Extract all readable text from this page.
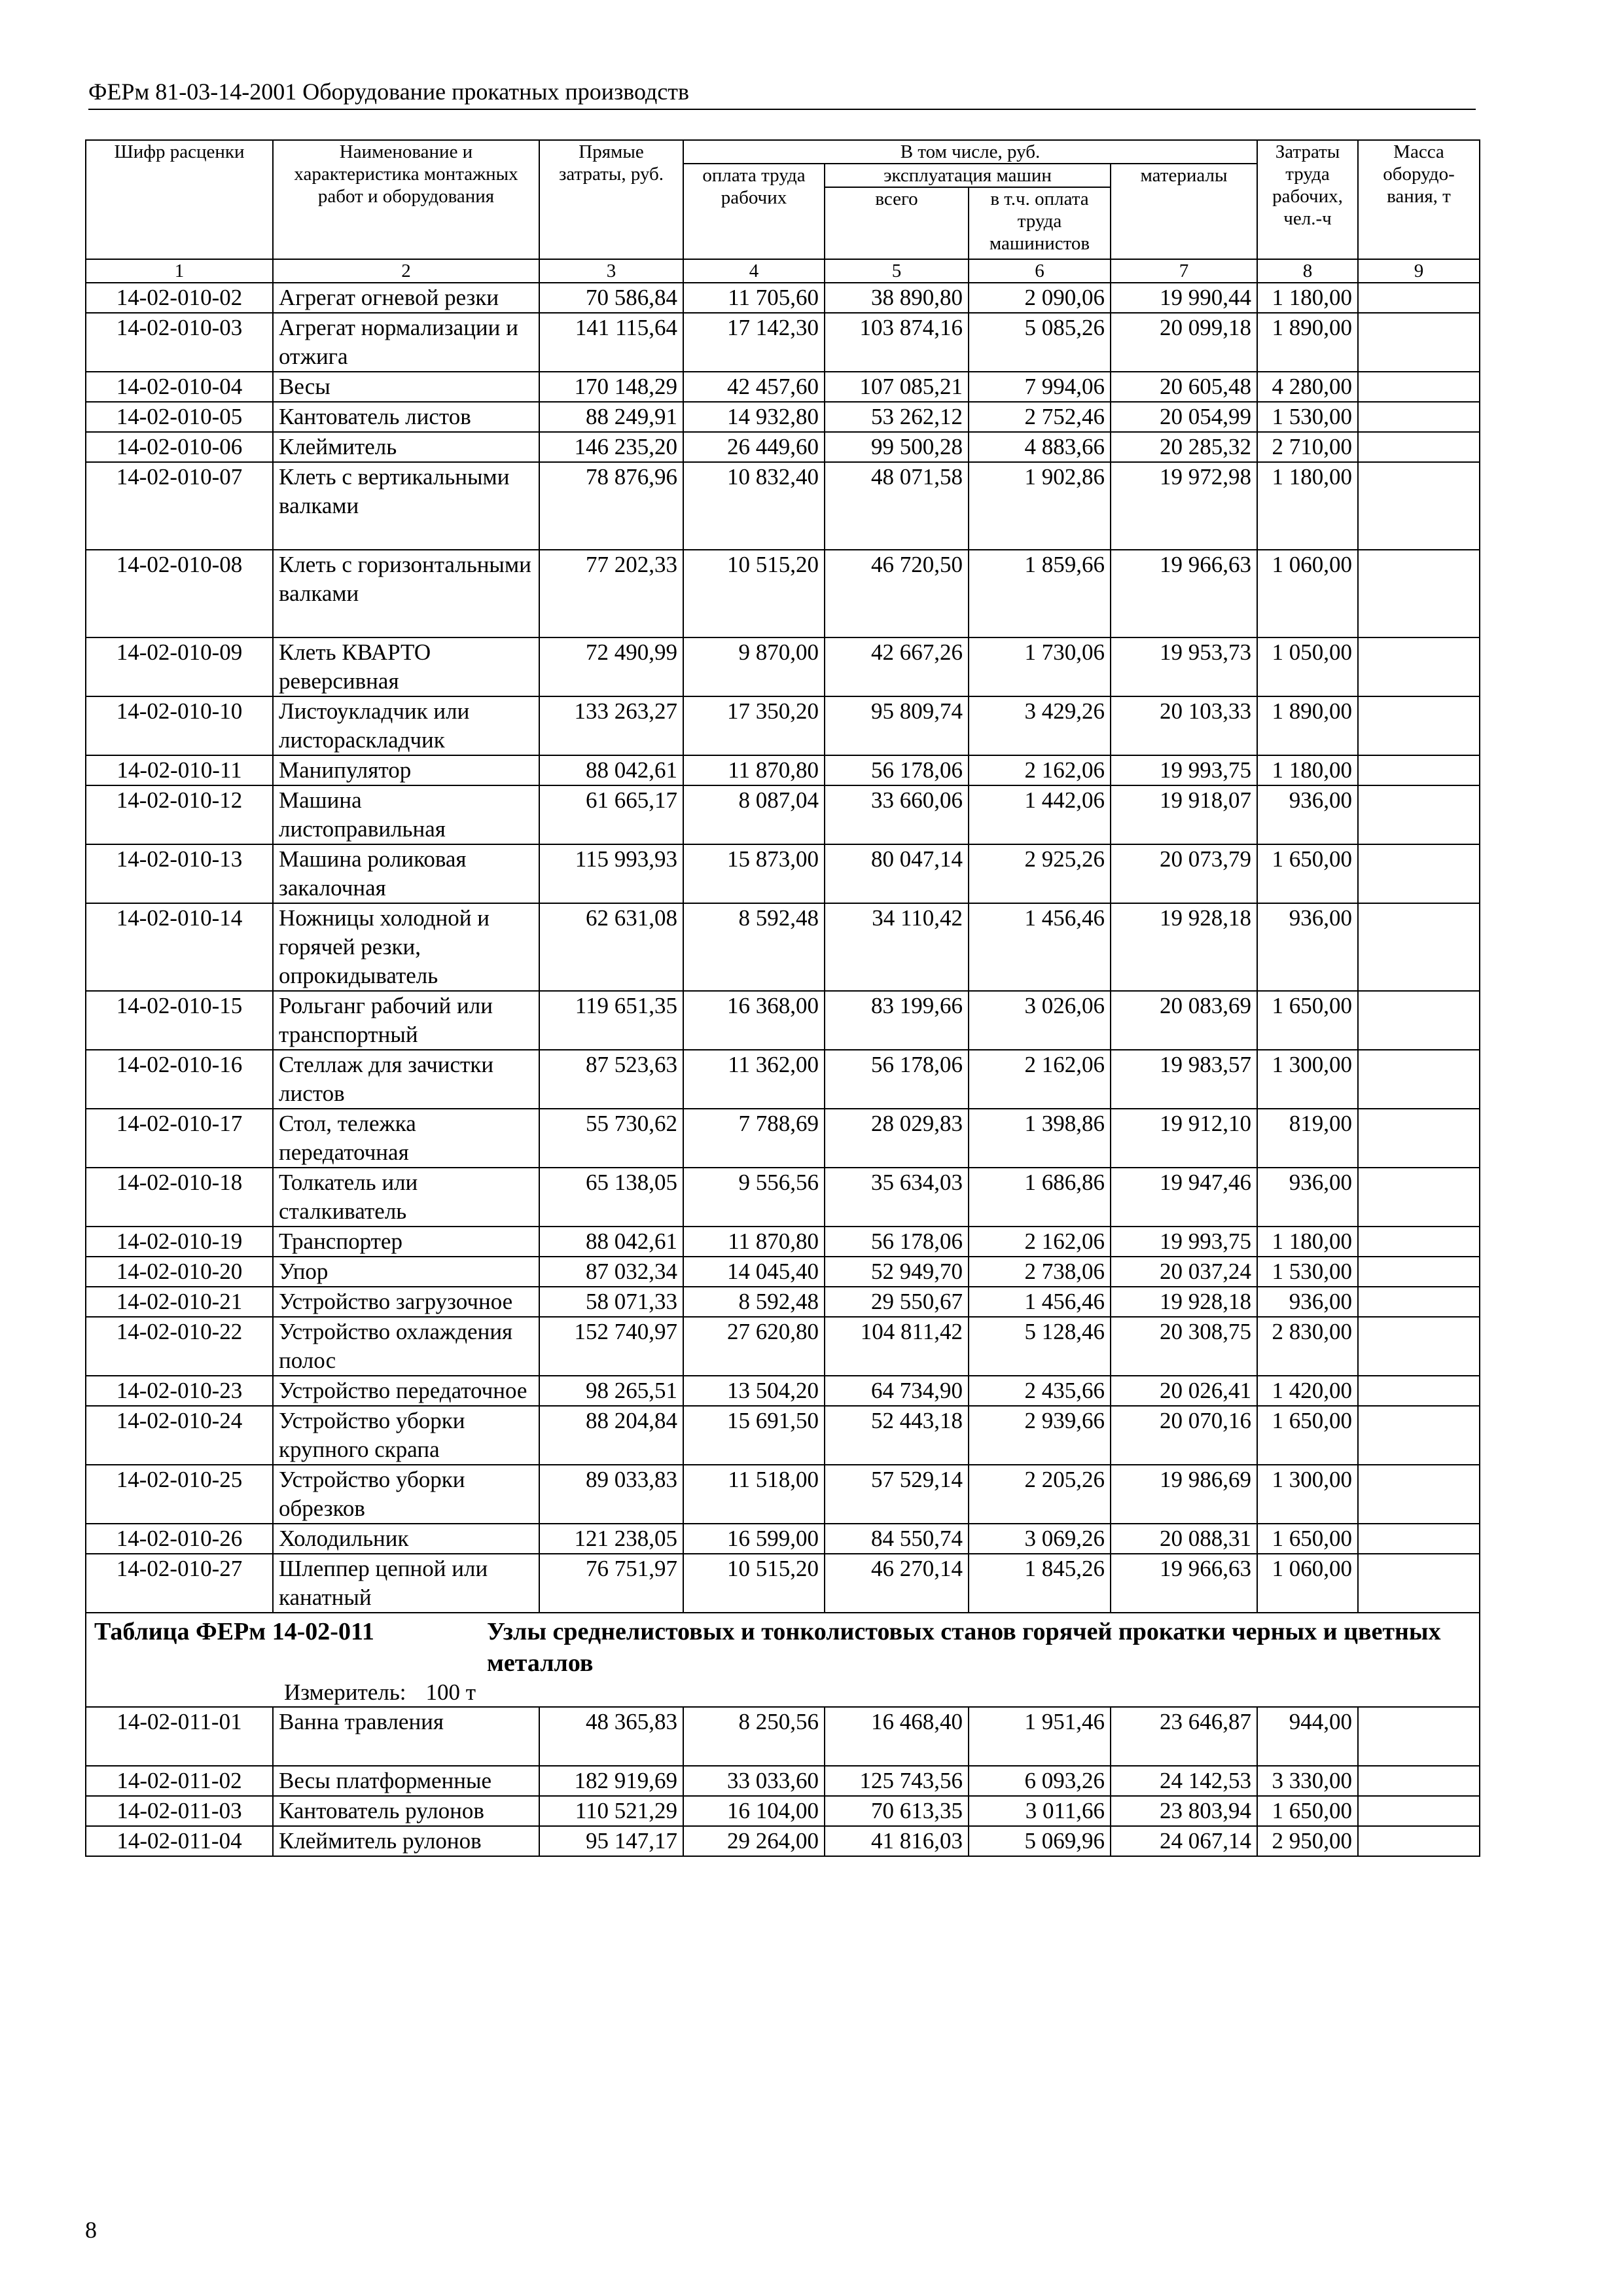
ФЕРм 81-03-14-2001 Оборудование прокатных производств
Шифр расценки	Наименование и характеристика монтажных работ и оборудования	Прямые затраты, руб.	В том числе, руб.				Затраты труда рабочих, чел.-ч	Масса оборудо-вания, т
			оплата труда рабочих	эксплуатация машин		материалы		
				всего	в т.ч. оплата труда машинистов			
1	2	3	4	5	6	7	8	9
14-02-010-02	Агрегат огневой резки	70 586,84	11 705,60	38 890,80	2 090,06	19 990,44	1 180,00	
14-02-010-03	Агрегат нормализации и отжига	141 115,64	17 142,30	103 874,16	5 085,26	20 099,18	1 890,00	
14-02-010-04	Весы	170 148,29	42 457,60	107 085,21	7 994,06	20 605,48	4 280,00	
14-02-010-05	Кантователь листов	88 249,91	14 932,80	53 262,12	2 752,46	20 054,99	1 530,00	
14-02-010-06	Клеймитель	146 235,20	26 449,60	99 500,28	4 883,66	20 285,32	2 710,00	
14-02-010-07	Клеть с вертикальными валками	78 876,96	10 832,40	48 071,58	1 902,86	19 972,98	1 180,00	
14-02-010-08	Клеть с горизонтальными валками	77 202,33	10 515,20	46 720,50	1 859,66	19 966,63	1 060,00	
14-02-010-09	Клеть КВАРТО реверсивная	72 490,99	9 870,00	42 667,26	1 730,06	19 953,73	1 050,00	
14-02-010-10	Листоукладчик или листораскладчик	133 263,27	17 350,20	95 809,74	3 429,26	20 103,33	1 890,00	
14-02-010-11	Манипулятор	88 042,61	11 870,80	56 178,06	2 162,06	19 993,75	1 180,00	
14-02-010-12	Машина листоправильная	61 665,17	8 087,04	33 660,06	1 442,06	19 918,07	936,00	
14-02-010-13	Машина роликовая закалочная	115 993,93	15 873,00	80 047,14	2 925,26	20 073,79	1 650,00	
14-02-010-14	Ножницы холодной и горячей резки, опрокидыватель	62 631,08	8 592,48	34 110,42	1 456,46	19 928,18	936,00	
14-02-010-15	Рольганг рабочий или транспортный	119 651,35	16 368,00	83 199,66	3 026,06	20 083,69	1 650,00	
14-02-010-16	Стеллаж для зачистки листов	87 523,63	11 362,00	56 178,06	2 162,06	19 983,57	1 300,00	
14-02-010-17	Стол, тележка передаточная	55 730,62	7 788,69	28 029,83	1 398,86	19 912,10	819,00	
14-02-010-18	Толкатель или сталкиватель	65 138,05	9 556,56	35 634,03	1 686,86	19 947,46	936,00	
14-02-010-19	Транспортер	88 042,61	11 870,80	56 178,06	2 162,06	19 993,75	1 180,00	
14-02-010-20	Упор	87 032,34	14 045,40	52 949,70	2 738,06	20 037,24	1 530,00	
14-02-010-21	Устройство загрузочное	58 071,33	8 592,48	29 550,67	1 456,46	19 928,18	936,00	
14-02-010-22	Устройство охлаждения полос	152 740,97	27 620,80	104 811,42	5 128,46	20 308,75	2 830,00	
14-02-010-23	Устройство передаточное	98 265,51	13 504,20	64 734,90	2 435,66	20 026,41	1 420,00	
14-02-010-24	Устройство уборки крупного скрапа	88 204,84	15 691,50	52 443,18	2 939,66	20 070,16	1 650,00	
14-02-010-25	Устройство уборки обрезков	89 033,83	11 518,00	57 529,14	2 205,26	19 986,69	1 300,00	
14-02-010-26	Холодильник	121 238,05	16 599,00	84 550,74	3 069,26	20 088,31	1 650,00	
14-02-010-27	Шлеппер цепной или канатный	76 751,97	10 515,20	46 270,14	1 845,26	19 966,63	1 060,00	

Таблица ФЕРм 14-02-011 Узлы среднелистовых и тонколистовых станов горячей прокатки черных и цветных металлов
Измеритель: 100 т								

14-02-011-01	Ванна травления	48 365,83	8 250,56	16 468,40	1 951,46	23 646,87	944,00	
14-02-011-02	Весы платформенные	182 919,69	33 033,60	125 743,56	6 093,26	24 142,53	3 330,00	
14-02-011-03	Кантователь рулонов	110 521,29	16 104,00	70 613,35	3 011,66	23 803,94	1 650,00	
14-02-011-04	Клеймитель рулонов	95 147,17	29 264,00	41 816,03	5 069,96	24 067,14	2 950,00	
8
